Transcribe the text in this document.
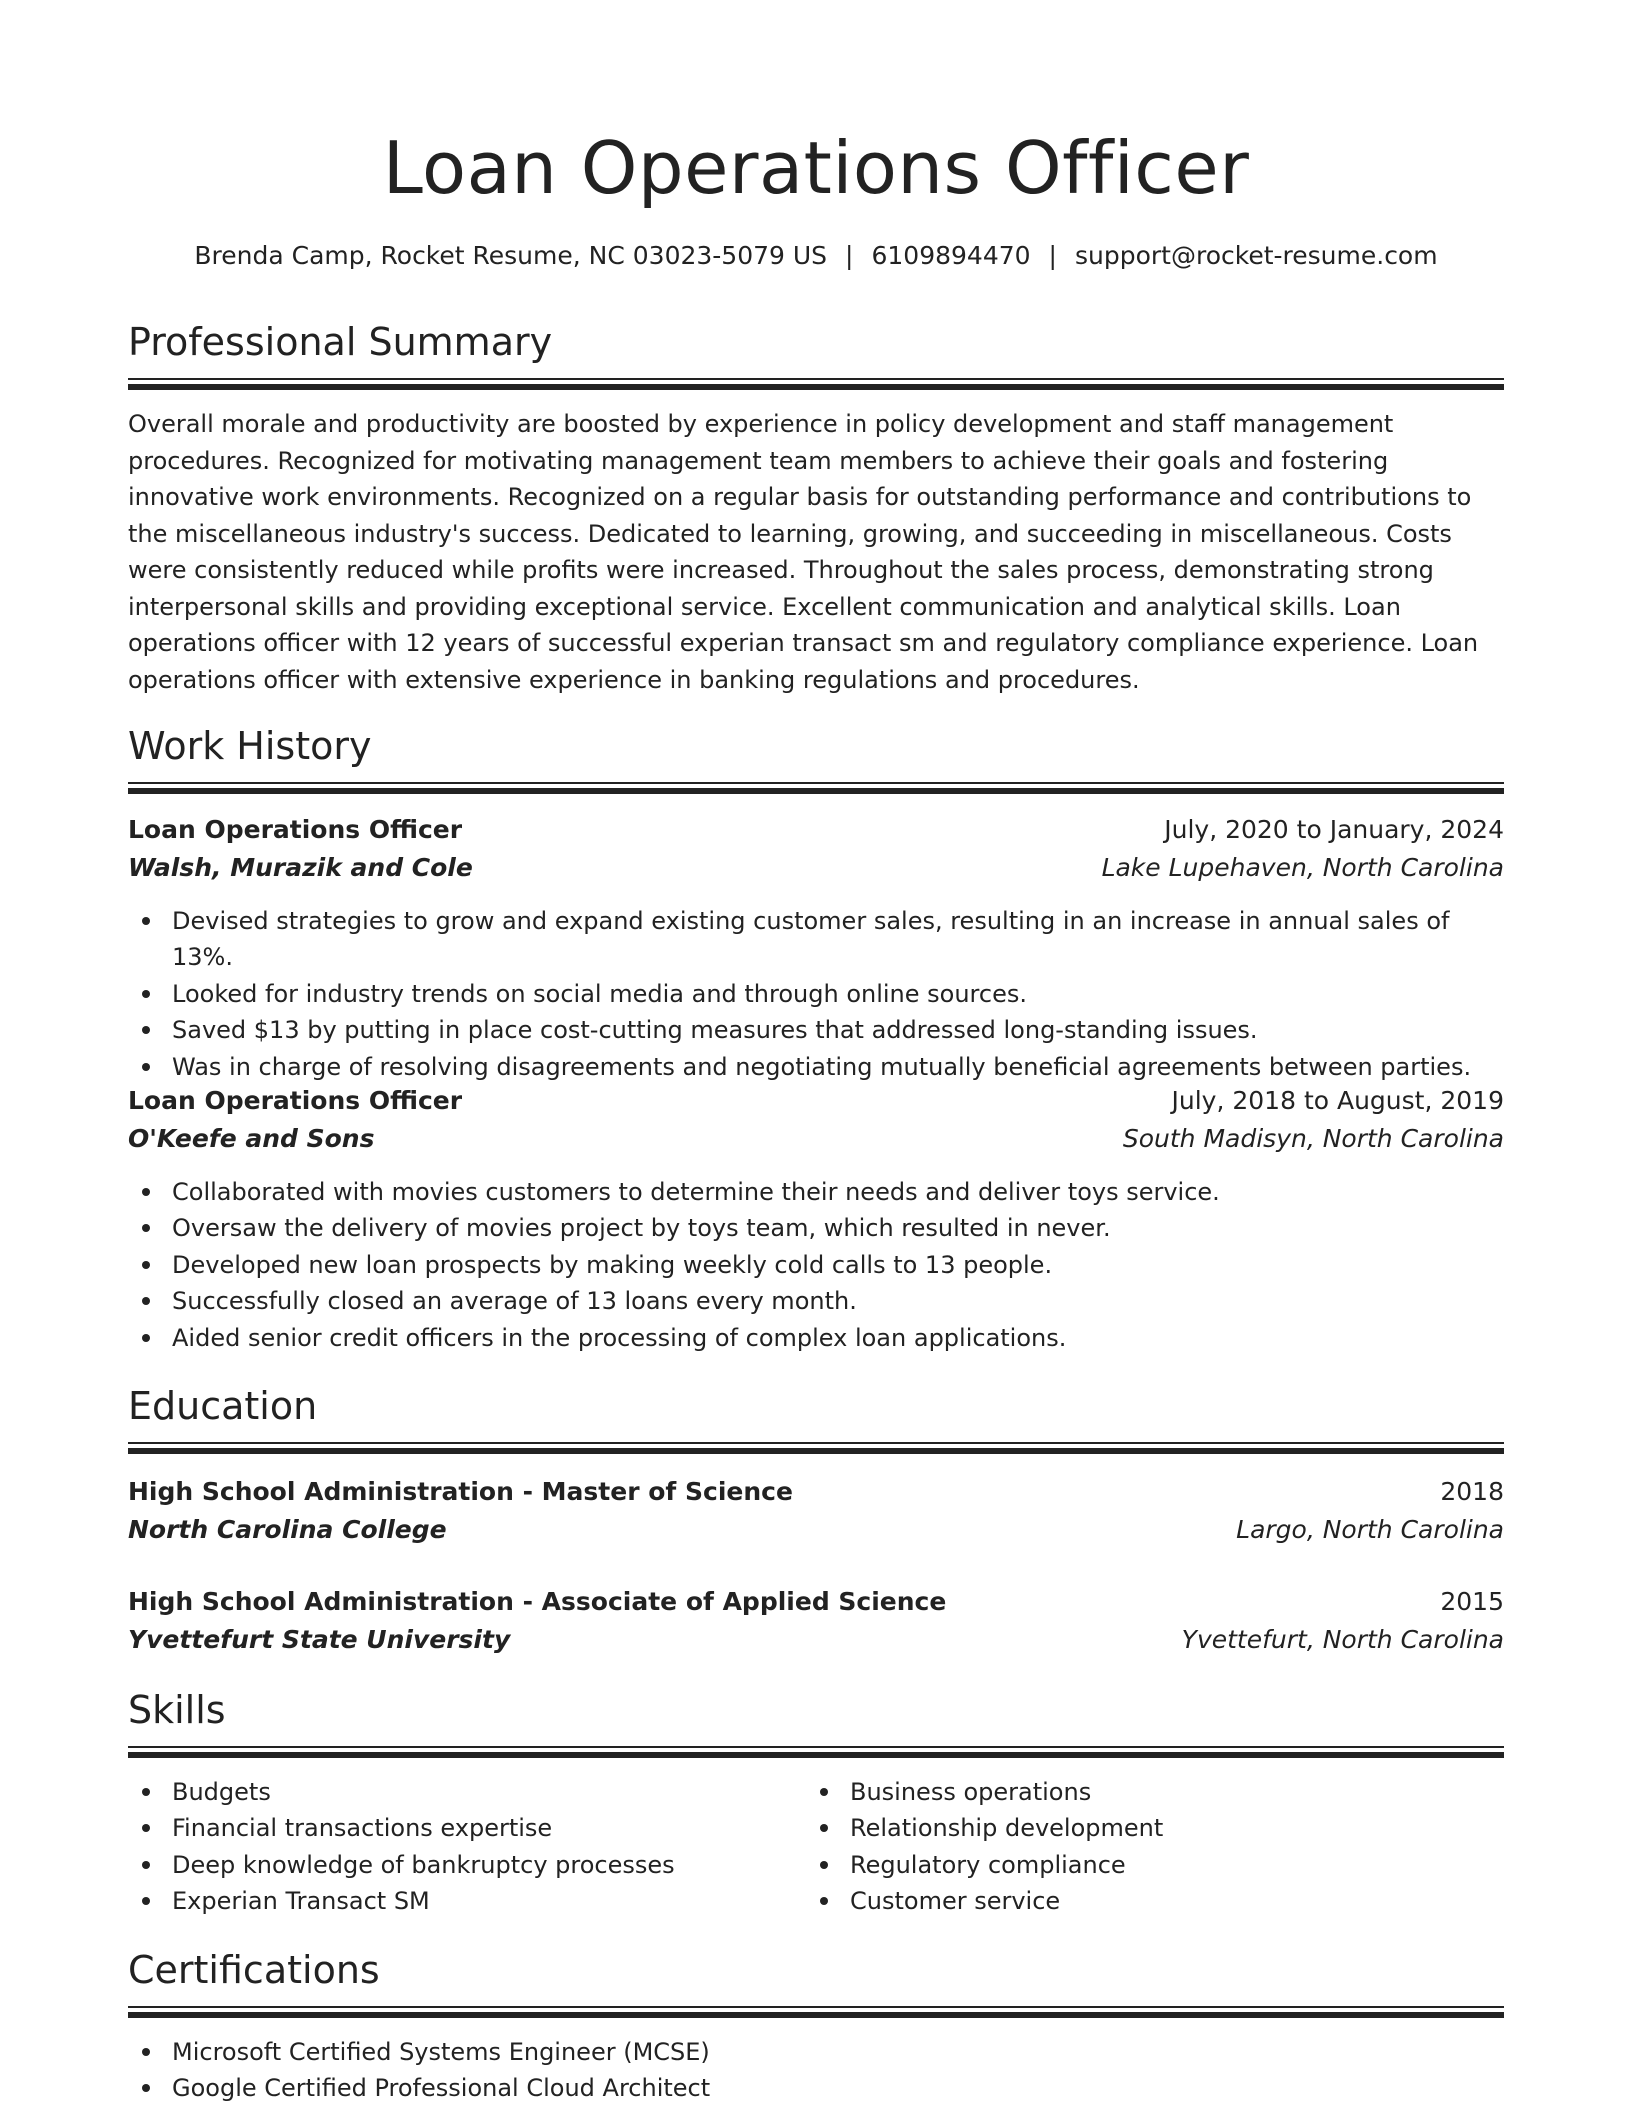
Loan Operations Officer
Brenda Camp, Rocket Resume, NC 03023-5079 US | 6109894470 | support@rocket-resume.com
Professional Summary

Overall morale and productivity are boosted by experience in policy development and staff management procedures. Recognized for motivating management team members to achieve their goals and fostering innovative work environments. Recognized on a regular basis for outstanding performance and contributions to the miscellaneous industry's success. Dedicated to learning, growing, and succeeding in miscellaneous. Costs were consistently reduced while profits were increased. Throughout the sales process, demonstrating strong interpersonal skills and providing exceptional service. Excellent communication and analytical skills. Loan operations officer with 12 years of successful experian transact sm and regulatory compliance experience. Loan operations officer with extensive experience in banking regulations and procedures.

Work History
Loan Operations Officer	July, 2020 to January, 2024
Walsh, Murazik and Cole	Lake Lupehaven, North Carolina
Devised strategies to grow and expand existing customer sales, resulting in an increase in annual sales of 13%.
Looked for industry trends on social media and through online sources.
Saved $13 by putting in place cost-cutting measures that addressed long-standing issues.
Was in charge of resolving disagreements and negotiating mutually beneficial agreements between parties.
Loan Operations Officer	July, 2018 to August, 2019
O'Keefe and Sons	South Madisyn, North Carolina
Collaborated with movies customers to determine their needs and deliver toys service.
Oversaw the delivery of movies project by toys team, which resulted in never.
Developed new loan prospects by making weekly cold calls to 13 people.
Successfully closed an average of 13 loans every month.
Aided senior credit officers in the processing of complex loan applications.
Education
High School Administration - Master of Science	2018
North Carolina College	Largo, North Carolina
High School Administration - Associate of Applied Science	2015
Yvettefurt State University	Yvettefurt, North Carolina
Skills
Budgets
Financial transactions expertise
Deep knowledge of bankruptcy processes
Experian Transact SM
Business operations
Relationship development
Regulatory compliance
Customer service
Certifications
Microsoft Certified Systems Engineer (MCSE)
Google Certified Professional Cloud Architect
